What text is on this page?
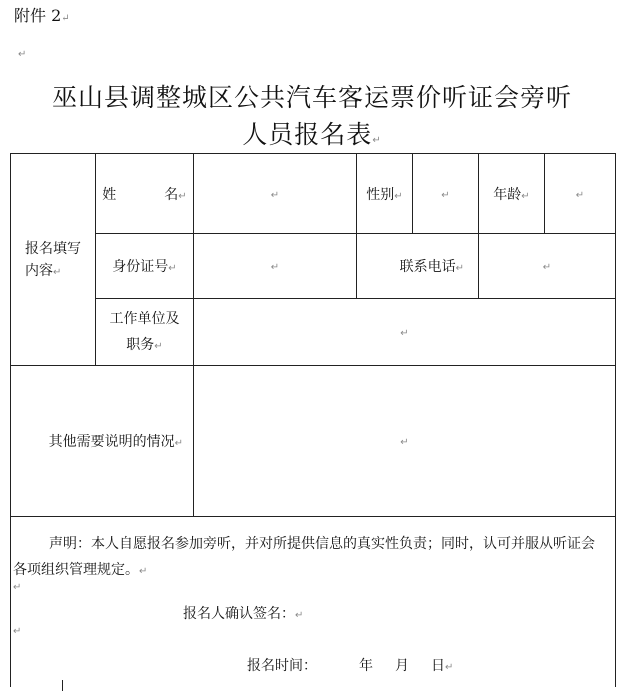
附件 2↵
↵
巫山县调整城区公共汽车客运票价听证会旁听
人员报名表↵
报名填写内容↵	姓 名↵	↵	性别↵	↵	年龄↵	↵
	身份证号↵	↵	联系电话↵		↵	

	工作单位及
职务↵	↵				
其他需要说明的情况↵		↵				

声明：本人自愿报名参加旁听，并对所提供信息的真实性负责；同时，认可并服从听证会各项组织管理规定。↵
↵
报名人确认签名：↵
↵
报名时间： 年 月 日↵						
